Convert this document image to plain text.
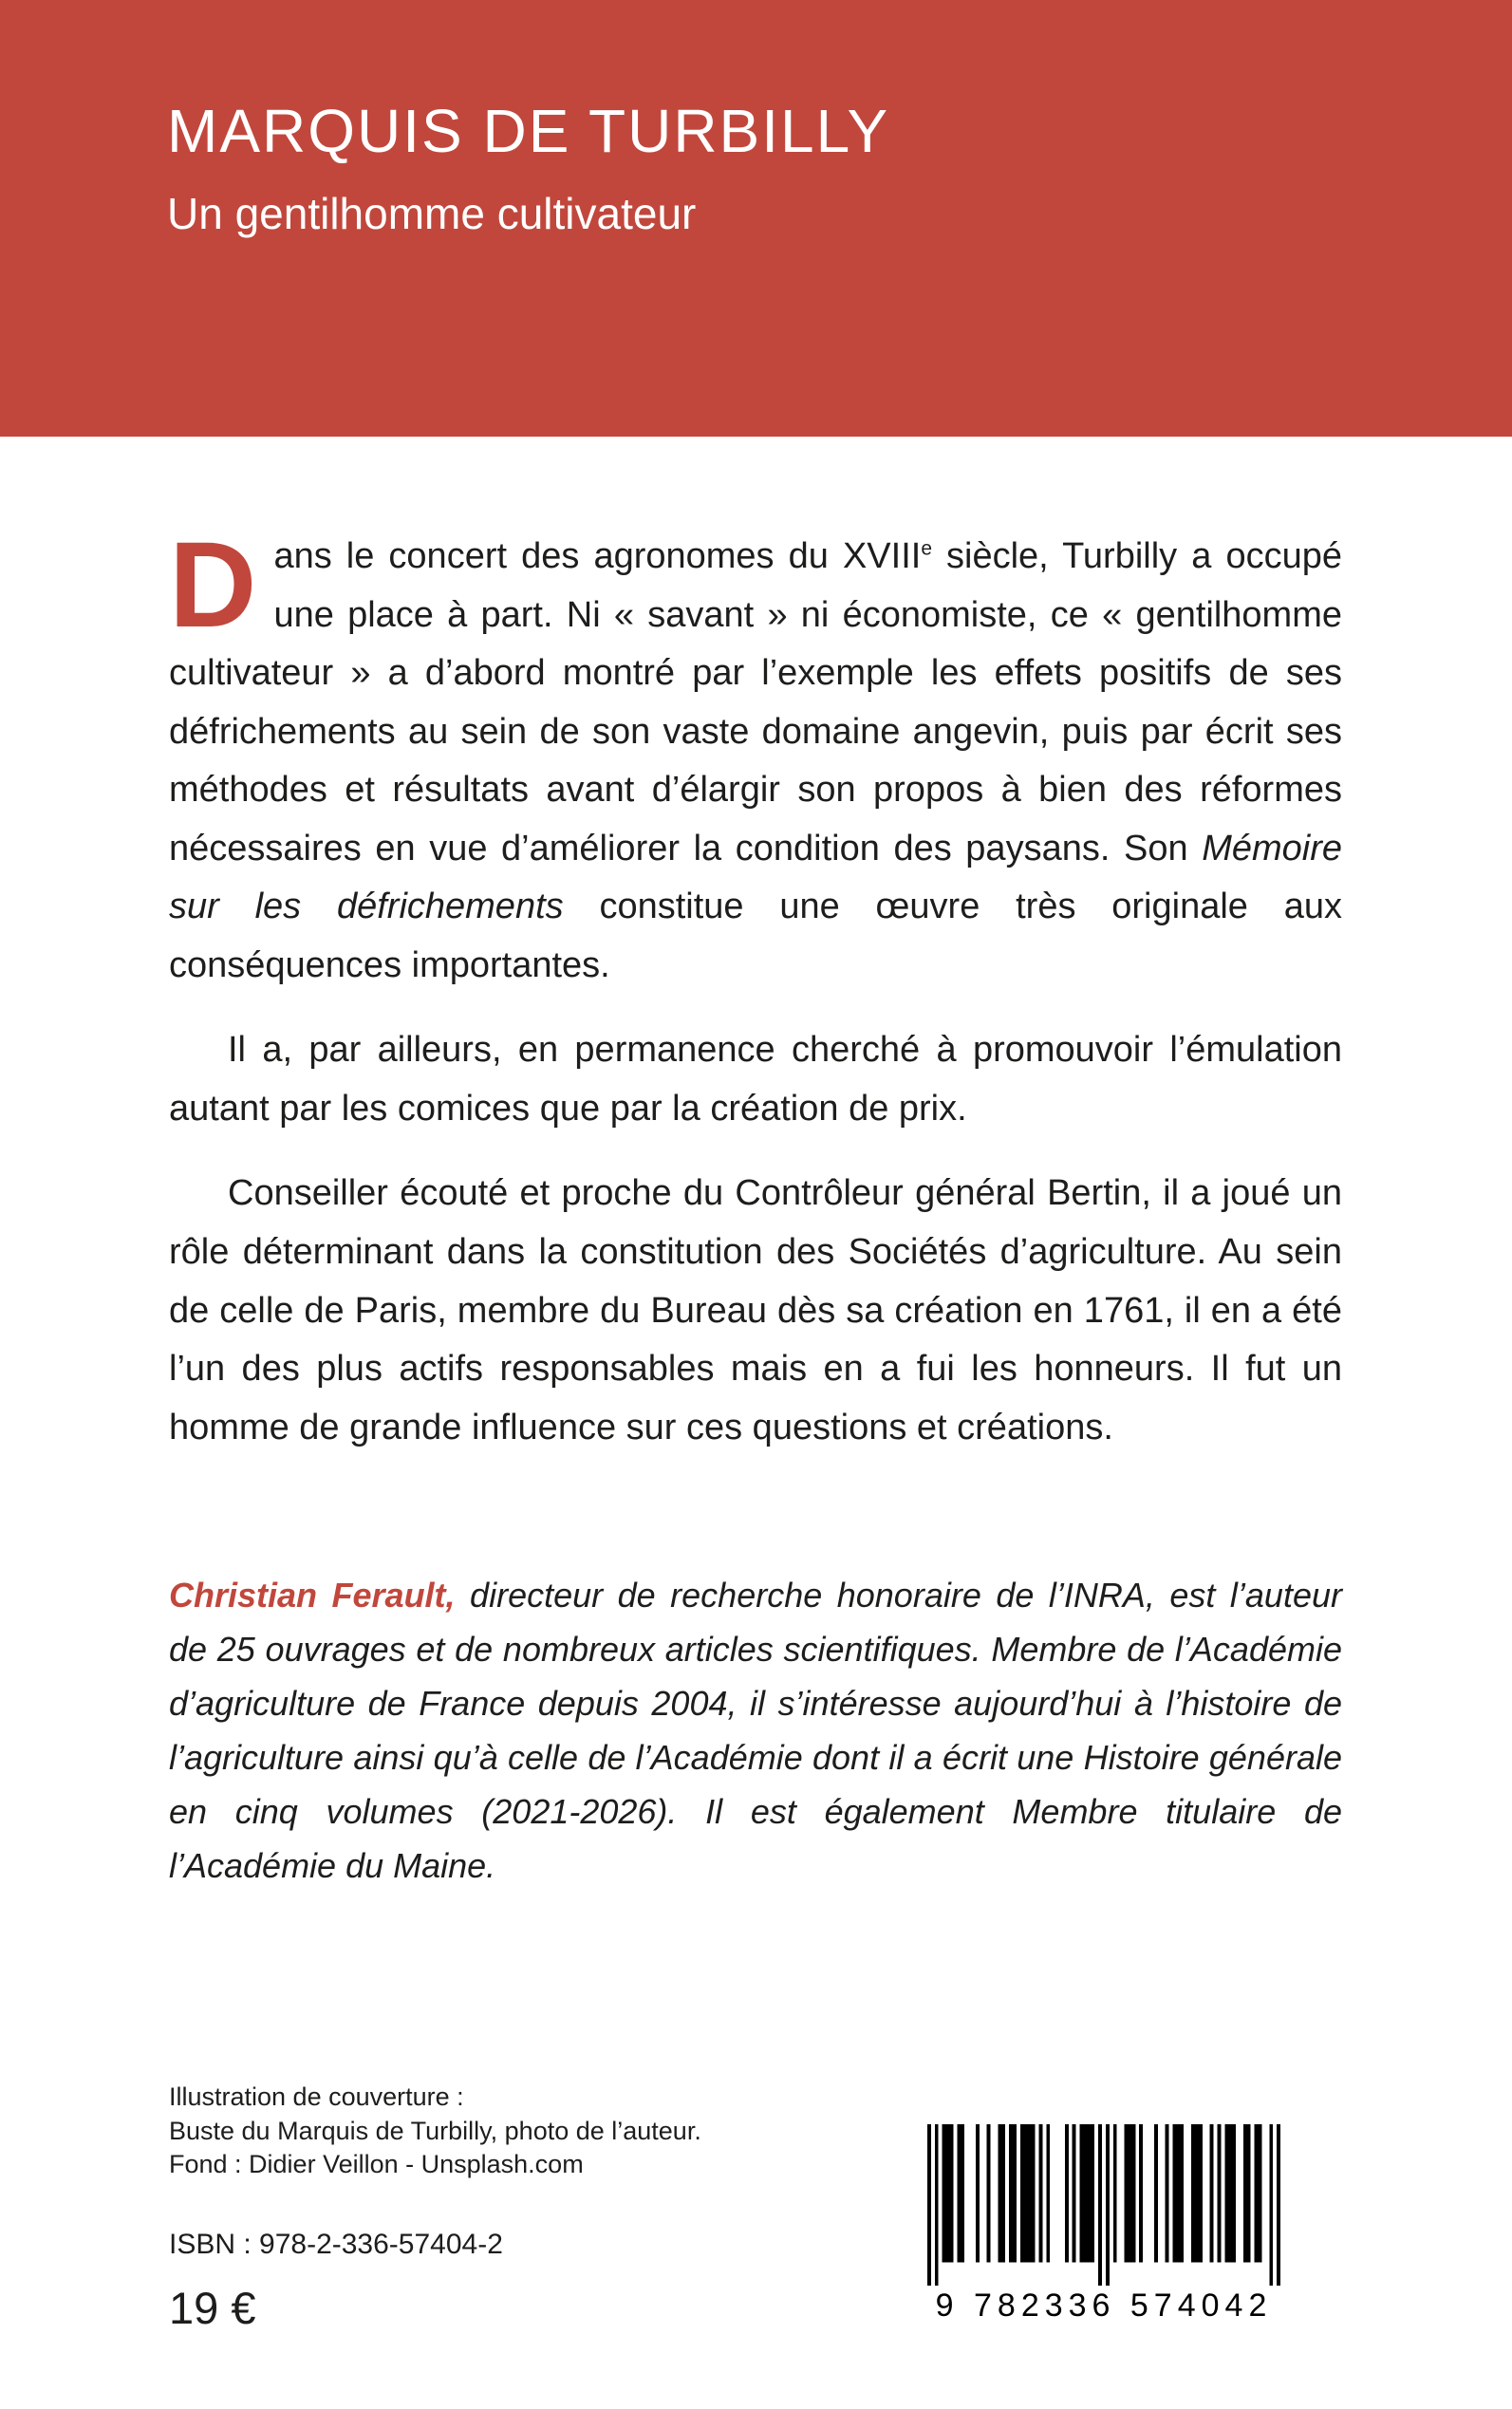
MARQUIS DE TURBILLY
Un gentilhomme cultivateur

Dans le concert des agronomes du XVIIIe siècle, Turbilly a occupé une place à part. Ni « savant » ni économiste, ce « gentilhomme cultivateur » a d’abord montré par l’exemple les effets positifs de ses défrichements au sein de son vaste domaine angevin, puis par écrit ses méthodes et résultats avant d’élargir son propos à bien des réformes nécessaires en vue d’améliorer la condition des paysans. Son Mémoire sur les défrichements constitue une œuvre très originale aux conséquences importantes.

Il a, par ailleurs, en permanence cherché à promouvoir l’émulation autant par les comices que par la création de prix.

Conseiller écouté et proche du Contrôleur général Bertin, il a joué un rôle déterminant dans la constitution des Sociétés d’agriculture. Au sein de celle de Paris, membre du Bureau dès sa création en 1761, il en a été l’un des plus actifs responsables mais en a fui les honneurs. Il fut un homme de grande influence sur ces questions et créations.

Christian Ferault, directeur de recherche honoraire de l’INRA, est l’auteur de 25 ouvrages et de nombreux articles scientifiques. Membre de l’Académie d’agriculture de France depuis 2004, il s’intéresse aujourd’hui à l’histoire de l’agriculture ainsi qu’à celle de l’Académie dont il a écrit une Histoire générale en cinq volumes (2021-2026). Il est également Membre titulaire de l’Académie du Maine.
Illustration de couverture :
Buste du Marquis de Turbilly, photo de l’auteur.
Fond : Didier Veillon - Unsplash.com
ISBN : 978-2-336-57404-2
19 €	9 782336 574042
